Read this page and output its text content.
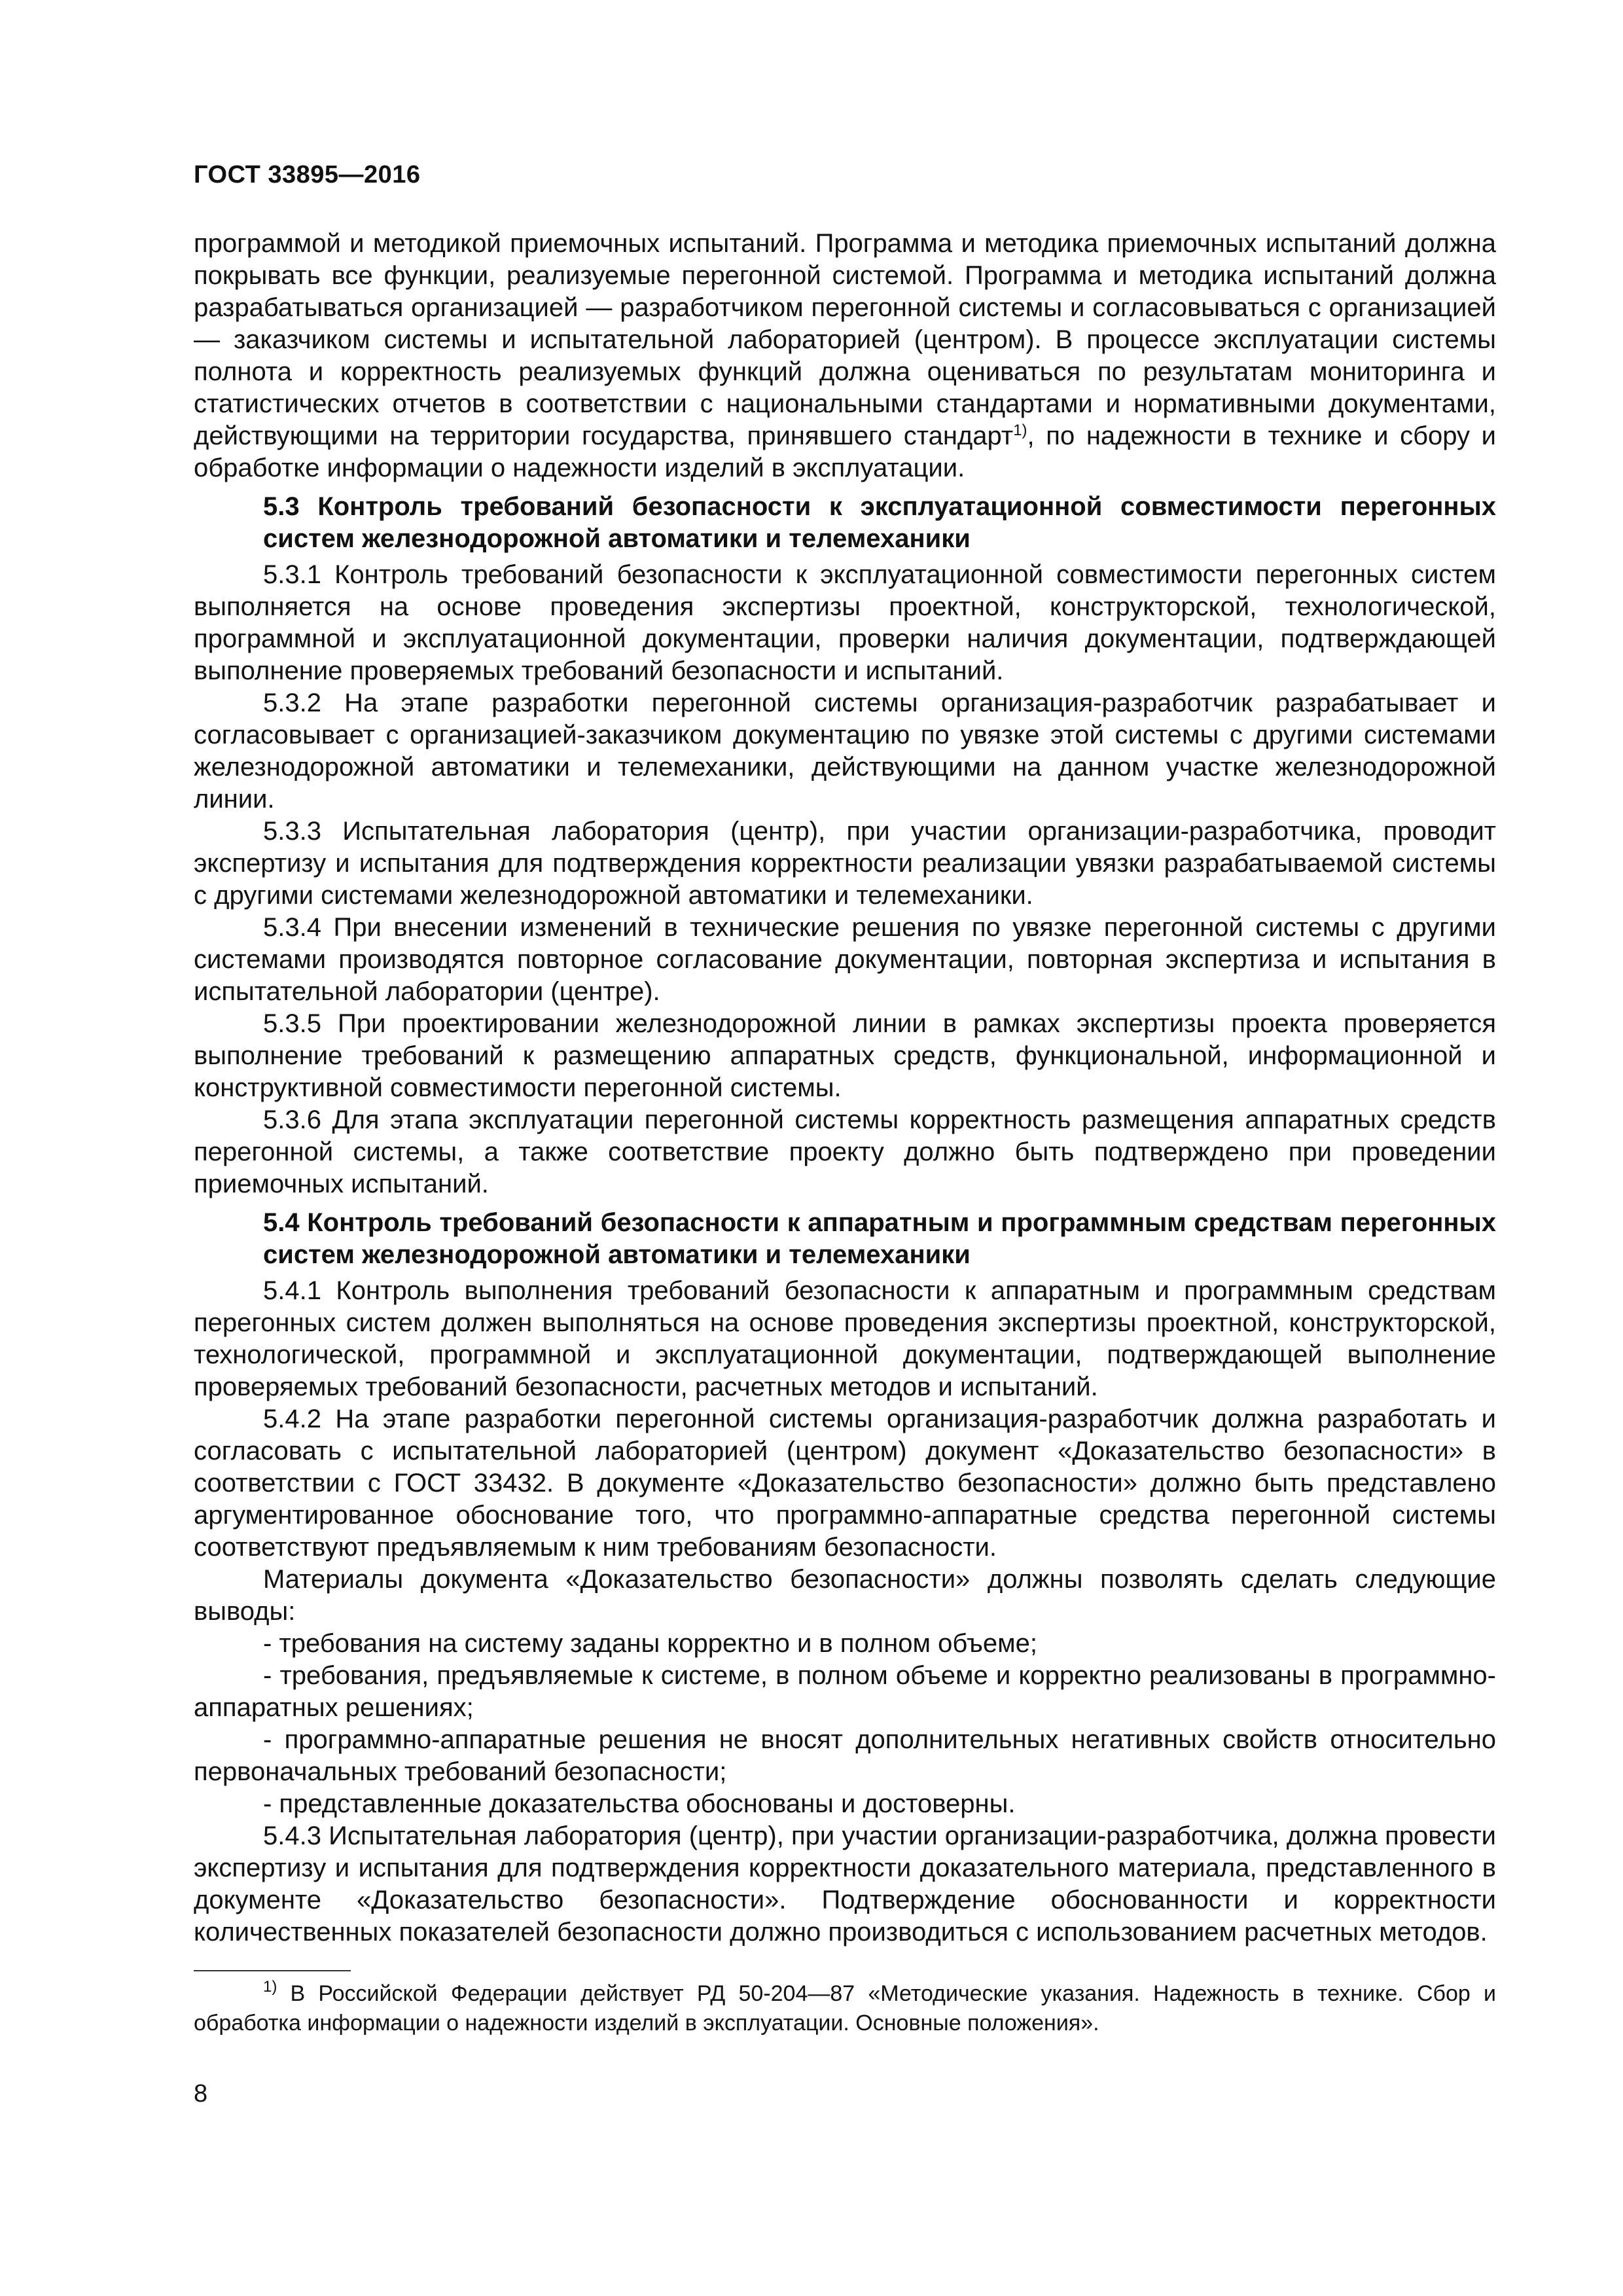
ГОСТ 33895—2016

программой и методикой приемочных испытаний. Программа и методика приемочных испытаний должна покрывать все функции, реализуемые перегонной системой. Программа и методика испытаний должна разрабатываться организацией — разработчиком перегонной системы и согласовываться с организацией — заказчиком системы и испытательной лабораторией (центром). В процессе эксплуатации системы полнота и корректность реализуемых функций должна оцениваться по результатам мониторинга и статистических отчетов в соответствии с национальными стандартами и нормативными документами, действующими на территории государства, принявшего стандарт$^{1)}$, по надежности в технике и сбору и обработке информации о надежности изделий в эксплуатации.

5.3 Контроль требований безопасности к эксплуатационной совместимости перегонных систем железнодорожной автоматики и телемеханики

5.3.1 Контроль требований безопасности к эксплуатационной совместимости перегонных систем выполняется на основе проведения экспертизы проектной, конструкторской, технологической, программной и эксплуатационной документации, проверки наличия документации, подтверждающей выполнение проверяемых требований безопасности и испытаний.

5.3.2 На этапе разработки перегонной системы организация-разработчик разрабатывает и согласовывает с организацией-заказчиком документацию по увязке этой системы с другими системами железнодорожной автоматики и телемеханики, действующими на данном участке железнодорожной линии.

5.3.3 Испытательная лаборатория (центр), при участии организации-разработчика, проводит экспертизу и испытания для подтверждения корректности реализации увязки разрабатываемой системы с другими системами железнодорожной автоматики и телемеханики.

5.3.4 При внесении изменений в технические решения по увязке перегонной системы с другими системами производятся повторное согласование документации, повторная экспертиза и испытания в испытательной лаборатории (центре).

5.3.5 При проектировании железнодорожной линии в рамках экспертизы проекта проверяется выполнение требований к размещению аппаратных средств, функциональной, информационной и конструктивной совместимости перегонной системы.

5.3.6 Для этапа эксплуатации перегонной системы корректность размещения аппаратных средств перегонной системы, а также соответствие проекту должно быть подтверждено при проведении приемочных испытаний.

5.4 Контроль требований безопасности к аппаратным и программным средствам перегонных систем железнодорожной автоматики и телемеханики

5.4.1 Контроль выполнения требований безопасности к аппаратным и программным средствам перегонных систем должен выполняться на основе проведения экспертизы проектной, конструкторской, технологической, программной и эксплуатационной документации, подтверждающей выполнение проверяемых требований безопасности, расчетных методов и испытаний.

5.4.2 На этапе разработки перегонной системы организация-разработчик должна разработать и согласовать с испытательной лабораторией (центром) документ «Доказательство безопасности» в соответствии с ГОСТ 33432. В документе «Доказательство безопасности» должно быть представлено аргументированное обоснование того, что программно-аппаратные средства перегонной системы соответствуют предъявляемым к ним требованиям безопасности.

Материалы документа «Доказательство безопасности» должны позволять сделать следующие выводы:

- требования на систему заданы корректно и в полном объеме;

- требования, предъявляемые к системе, в полном объеме и корректно реализованы в программно-аппаратных решениях;

- программно-аппаратные решения не вносят дополнительных негативных свойств относительно первоначальных требований безопасности;

- представленные доказательства обоснованы и достоверны.

5.4.3 Испытательная лаборатория (центр), при участии организации-разработчика, должна провести экспертизу и испытания для подтверждения корректности доказательного материала, представленного в документе «Доказательство безопасности». Подтверждение обоснованности и корректности количественных показателей безопасности должно производиться с использованием расчетных методов.

$^{1)}$ В Российской Федерации действует РД 50-204—87 «Методические указания. Надежность в технике. Сбор и обработка информации о надежности изделий в эксплуатации. Основные положения».

8
